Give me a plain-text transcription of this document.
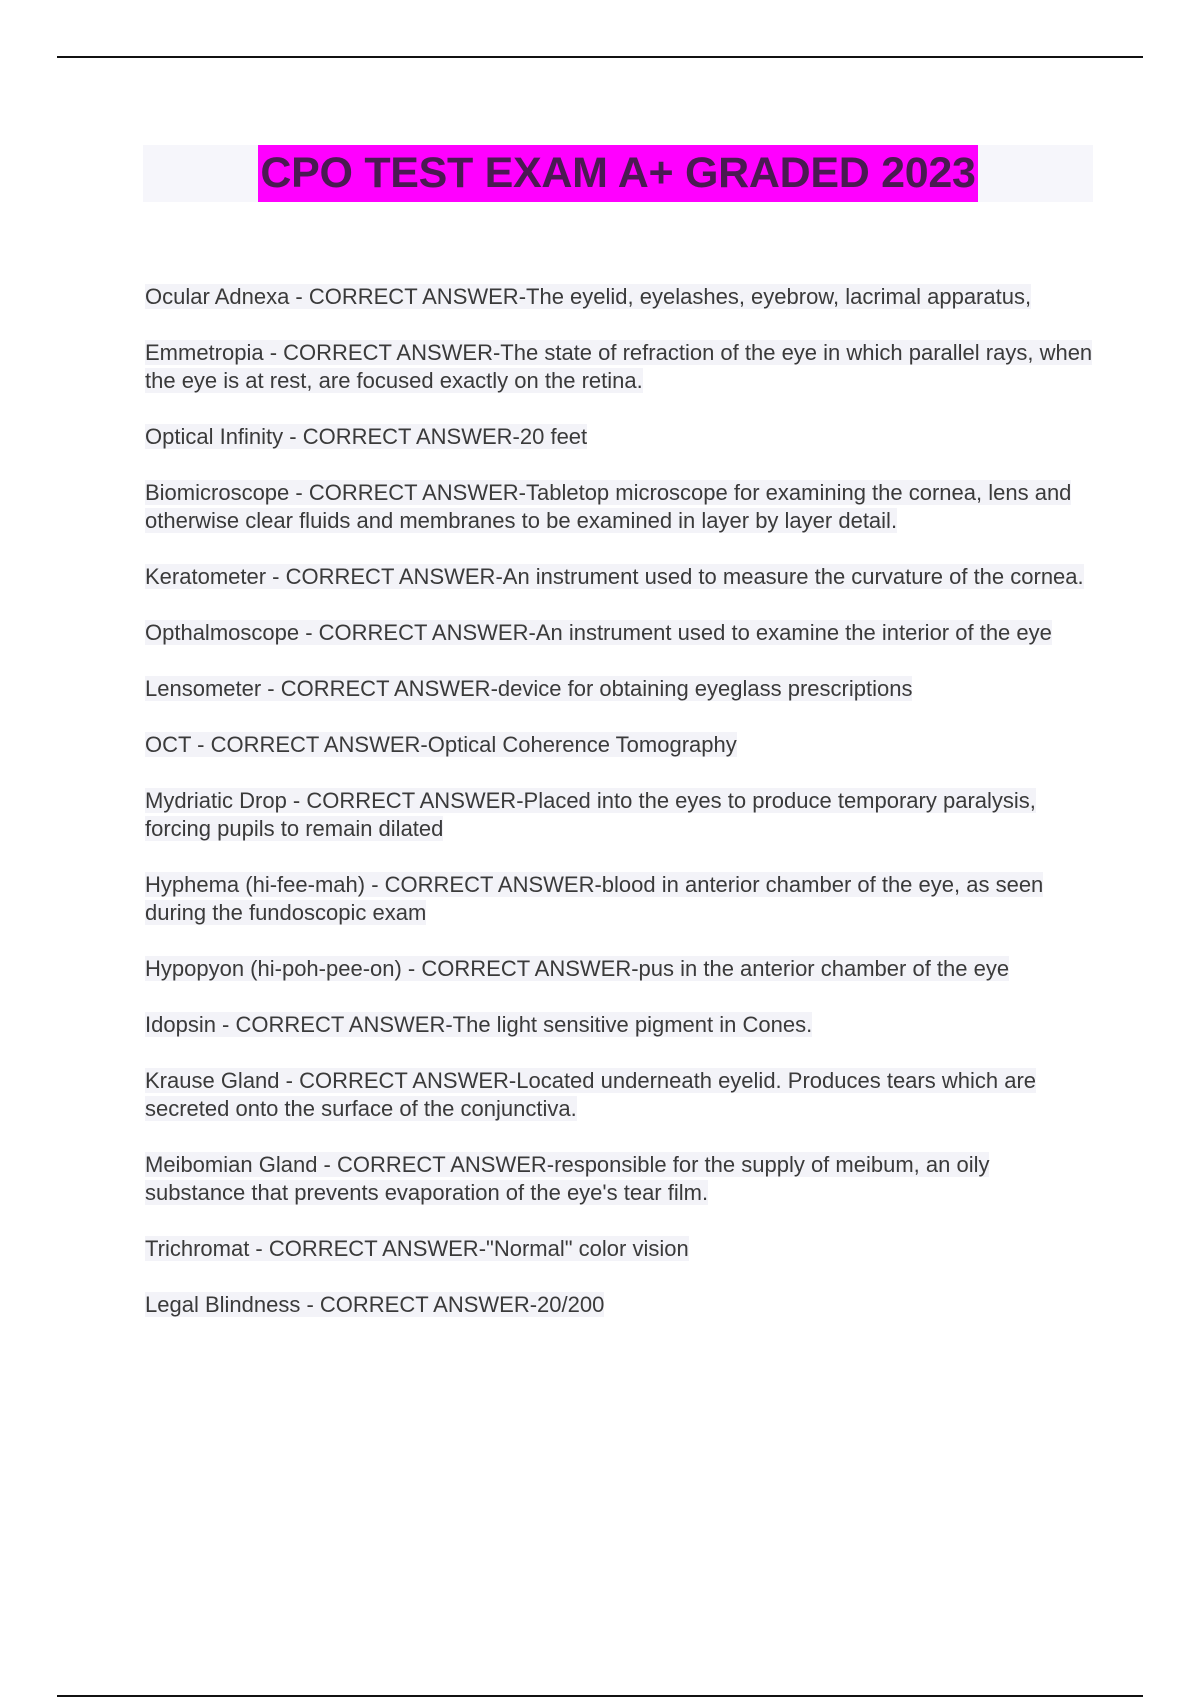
CPO TEST EXAM A+ GRADED 2023
Ocular Adnexa - CORRECT ANSWER-The eyelid, eyelashes, eyebrow, lacrimal apparatus,
Emmetropia - CORRECT ANSWER-The state of refraction of the eye in which parallel rays, when the eye is at rest, are focused exactly on the retina.
Optical Infinity - CORRECT ANSWER-20 feet
Biomicroscope - CORRECT ANSWER-Tabletop microscope for examining the cornea, lens and otherwise clear fluids and membranes to be examined in layer by layer detail.
Keratometer - CORRECT ANSWER-An instrument used to measure the curvature of the cornea.
Opthalmoscope - CORRECT ANSWER-An instrument used to examine the interior of the eye
Lensometer - CORRECT ANSWER-device for obtaining eyeglass prescriptions
OCT - CORRECT ANSWER-Optical Coherence Tomography
Mydriatic Drop - CORRECT ANSWER-Placed into the eyes to produce temporary paralysis, forcing pupils to remain dilated
Hyphema (hi-fee-mah) - CORRECT ANSWER-blood in anterior chamber of the eye, as seen during the fundoscopic exam
Hypopyon (hi-poh-pee-on) - CORRECT ANSWER-pus in the anterior chamber of the eye
Idopsin - CORRECT ANSWER-The light sensitive pigment in Cones.
Krause Gland - CORRECT ANSWER-Located underneath eyelid. Produces tears which are secreted onto the surface of the conjunctiva.
Meibomian Gland - CORRECT ANSWER-responsible for the supply of meibum, an oily substance that prevents evaporation of the eye's tear film.
Trichromat - CORRECT ANSWER-"Normal" color vision
Legal Blindness - CORRECT ANSWER-20/200
